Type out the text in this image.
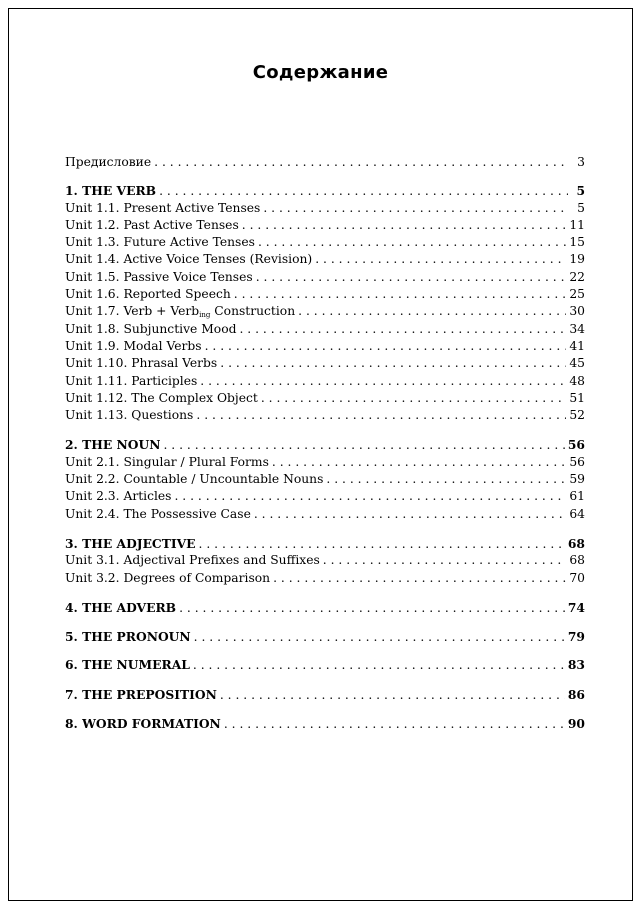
Содержание
Предисловие . . .	3
1. THE VERB . . .	5
Unit 1.1. Present Active Tenses . . .	5
Unit 1.2. Past Active Tenses . . .	11
Unit 1.3. Future Active Tenses . . .	15
Unit 1.4. Active Voice Tenses (Revision) . . .	19
Unit 1.5. Passive Voice Tenses . . .	22
Unit 1.6. Reported Speech . . .	25
Unit 1.7. Verb + Verb$_{ing}$ Construction . . .	30
Unit 1.8. Subjunctive Mood . . .	34
Unit 1.9. Modal Verbs . . .	41
Unit 1.10. Phrasal Verbs . . .	45
Unit 1.11. Participles . . .	48
Unit 1.12. The Complex Object . . .	51
Unit 1.13. Questions . . .	52
2. THE NOUN . . .	56
Unit 2.1. Singular / Plural Forms . . .	56
Unit 2.2. Countable / Uncountable Nouns . . .	59
Unit 2.3. Articles . . .	61
Unit 2.4. The Possessive Case . . .	64
3. THE ADJECTIVE . . .	68
Unit 3.1. Adjectival Prefixes and Suffixes . . .	68
Unit 3.2. Degrees of Comparison . . .	70
4. THE ADVERB . . .	74
5. THE PRONOUN . . .	79
6. THE NUMERAL . . .	83
7. THE PREPOSITION . . .	86
8. WORD FORMATION . . .	90
